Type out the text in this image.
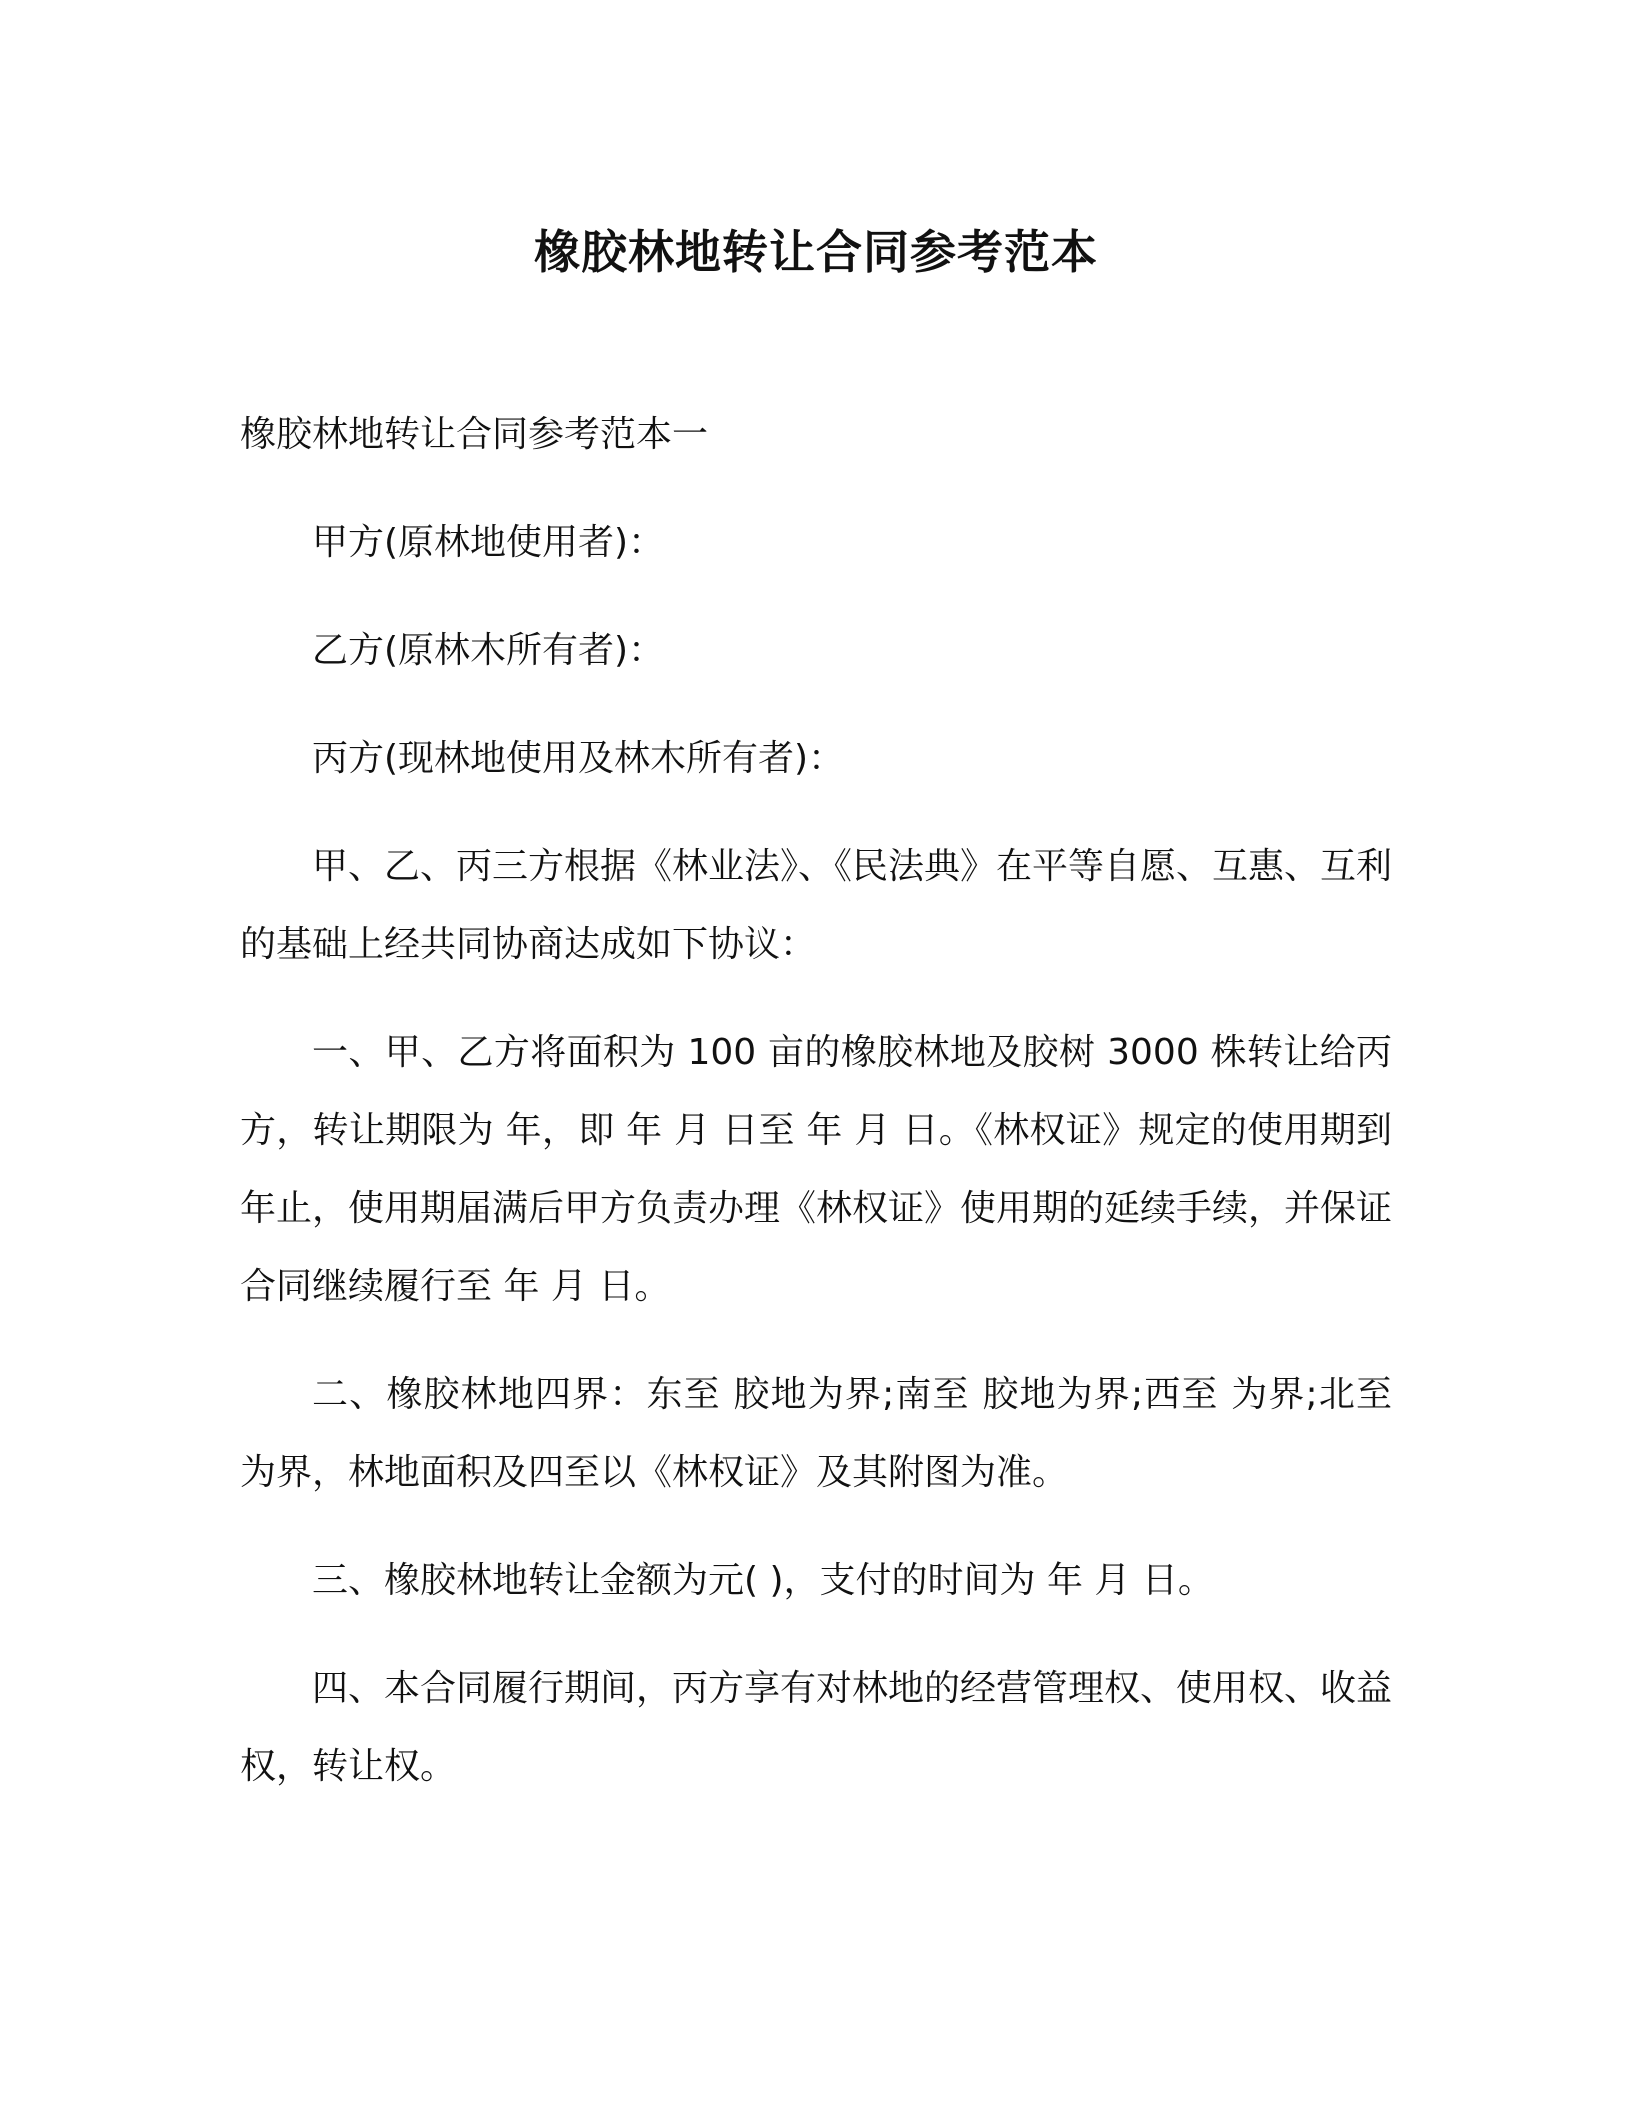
橡胶林地转让合同参考范本

橡胶林地转让合同参考范本一

甲方(原林地使用者)：

乙方(原林木所有者)：

丙方(现林地使用及林木所有者)：

甲、乙、丙三方根据《林业法》、《民法典》在平等自愿、互惠、互利的基础上经共同协商达成如下协议：

一、甲、乙方将面积为 100 亩的橡胶林地及胶树 3000 株转让给丙方，转让期限为 年，即 年 月 日至 年 月 日。《林权证》规定的使用期到 年止，使用期届满后甲方负责办理《林权证》使用期的延续手续，并保证合同继续履行至 年 月 日。

二、橡胶林地四界：东至 胶地为界;南至 胶地为界;西至 为界;北至 为界，林地面积及四至以《林权证》及其附图为准。

三、橡胶林地转让金额为元( )，支付的时间为 年 月 日。

四、本合同履行期间，丙方享有对林地的经营管理权、使用权、收益权，转让权。
